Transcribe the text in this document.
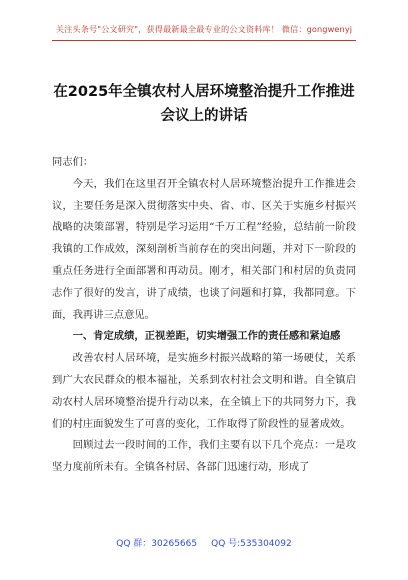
关注头条号"公文研究"，获得最新最全最专业的公文资料库！ 微信：gongwenyj
在2025年全镇农村人居环境整治提升工作推进会议上的讲话

同志们：

今天，我们在这里召开全镇农村人居环境整治提升工作推进会议，主要任务是深入贯彻落实中央、省、市、区关于实施乡村振兴战略的决策部署，特别是学习运用“千万工程”经验，总结前一阶段我镇的工作成效，深刻剖析当前存在的突出问题，并对下一阶段的重点任务进行全面部署和再动员。刚才，相关部门和村居的负责同志作了很好的发言，讲了成绩，也谈了问题和打算，我都同意。下面，我再讲三点意见。

一、肯定成绩，正视差距，切实增强工作的责任感和紧迫感

改善农村人居环境，是实施乡村振兴战略的第一场硬仗，关系到广大农民群众的根本福祉，关系到农村社会文明和谐。自全镇启动农村人居环境整治提升行动以来，在全镇上下的共同努力下，我们的村庄面貌发生了可喜的变化，工作取得了阶段性的显著成效。

回顾过去一段时间的工作，我们主要有以下几个亮点：一是攻坚力度前所未有。全镇各村居、各部门迅速行动，形成了

QQ 群：30265665 QQ 号:535304092
